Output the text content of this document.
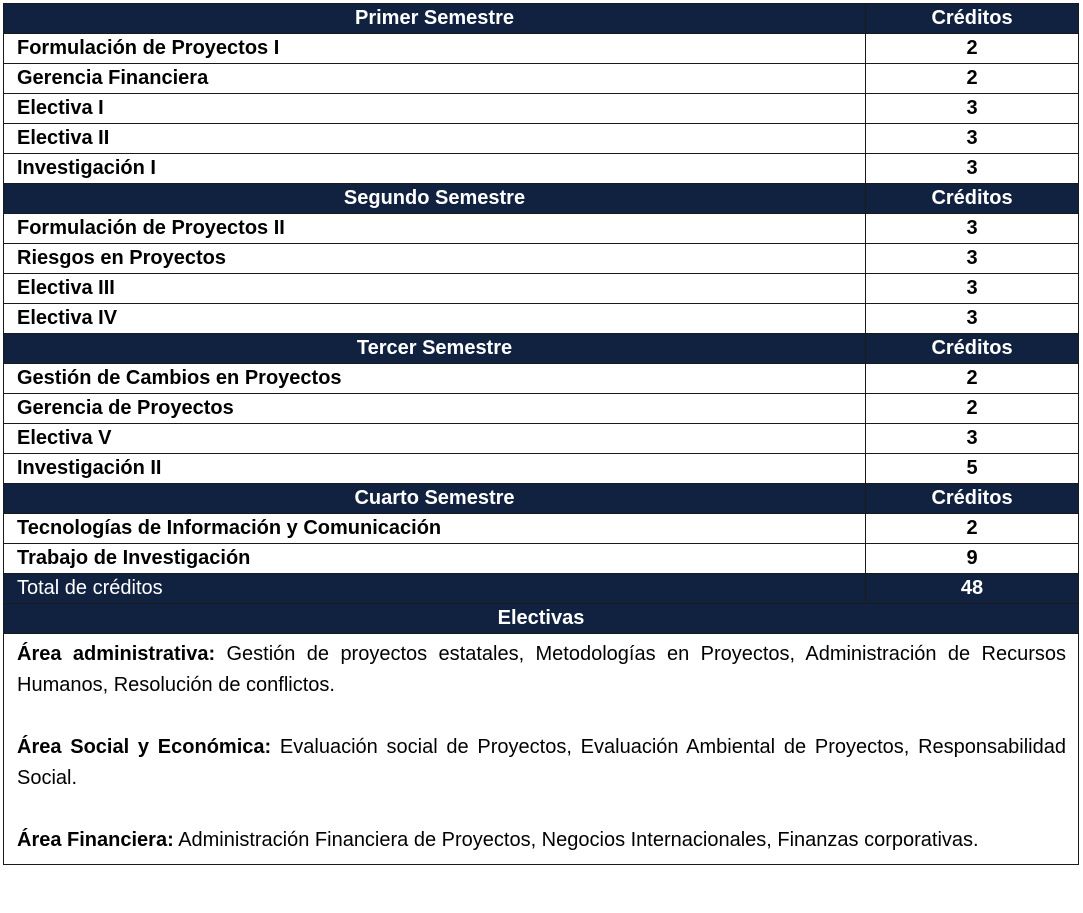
Primer Semestre	Créditos
Formulación de Proyectos I	2
Gerencia Financiera	2
Electiva I	3
Electiva II	3
Investigación I	3
Segundo Semestre	Créditos
Formulación de Proyectos II	3
Riesgos en Proyectos	3
Electiva III	3
Electiva IV	3
Tercer Semestre	Créditos
Gestión de Cambios en Proyectos	2
Gerencia de Proyectos	2
Electiva V	3
Investigación II	5
Cuarto Semestre	Créditos
Tecnologías de Información y Comunicación	2
Trabajo de Investigación	9
Total de créditos	48
Electivas	

Área administrativa: Gestión de proyectos estatales, Metodologías en Proyectos, Administración de Recursos Humanos, Resolución de conflictos.

Área Social y Económica: Evaluación social de Proyectos, Evaluación Ambiental de Proyectos, Responsabilidad Social.

Área Financiera: Administración Financiera de Proyectos, Negocios Internacionales, Finanzas corporativas.	
